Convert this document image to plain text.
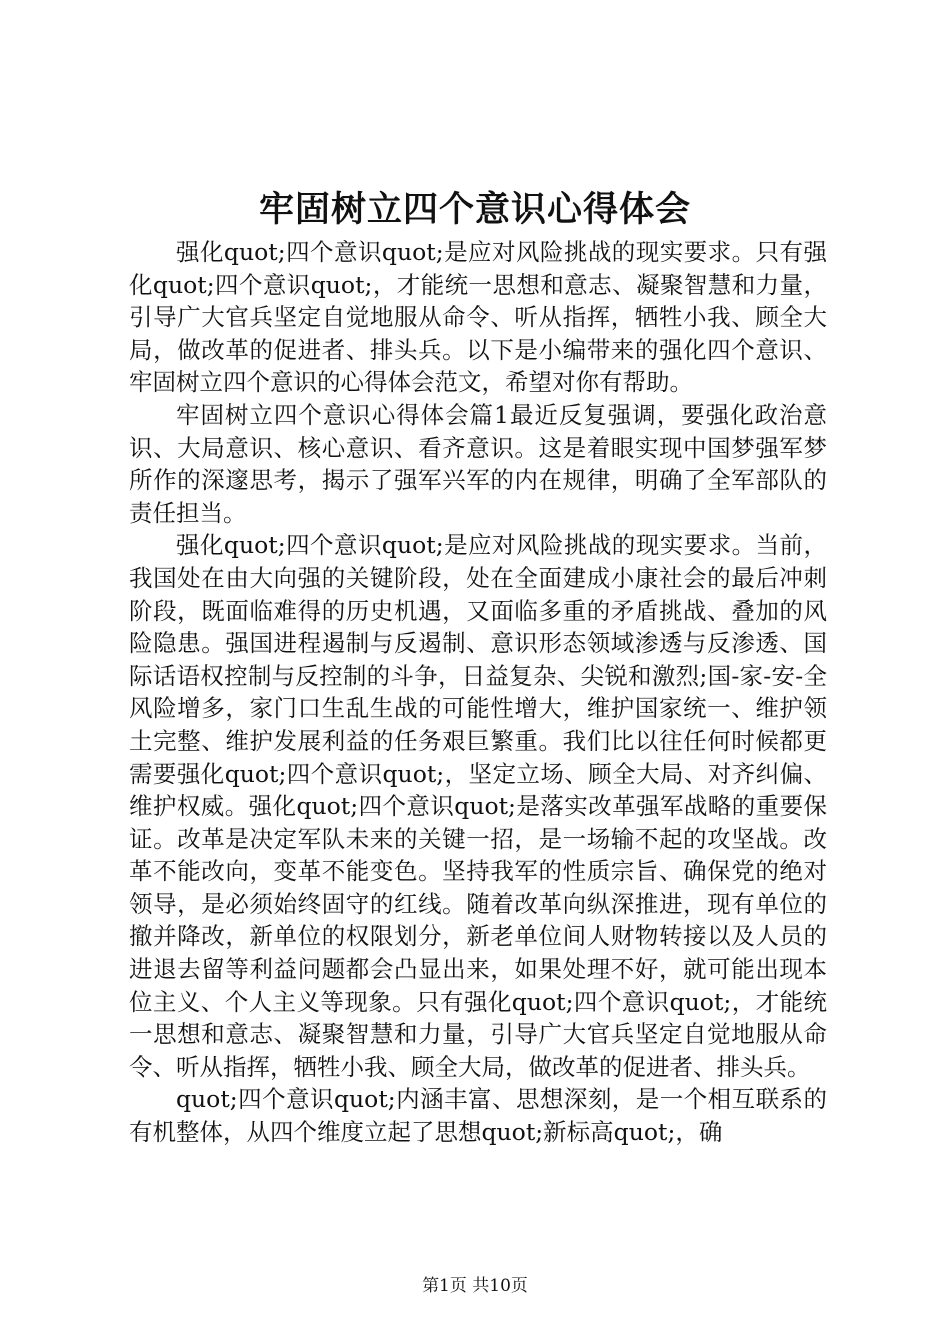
牢固树立四个意识心得体会

强化quot;四个意识quot;是应对风险挑战的现实要求。只有强化quot;四个意识quot;，才能统一思想和意志、凝聚智慧和力量，引导广大官兵坚定自觉地服从命令、听从指挥，牺牲小我、顾全大局，做改革的促进者、排头兵。以下是小编带来的强化四个意识、牢固树立四个意识的心得体会范文，希望对你有帮助。

牢固树立四个意识心得体会篇1最近反复强调，要强化政治意识、大局意识、核心意识、看齐意识。这是着眼实现中国梦强军梦所作的深邃思考，揭示了强军兴军的内在规律，明确了全军部队的责任担当。

强化quot;四个意识quot;是应对风险挑战的现实要求。当前，我国处在由大向强的关键阶段，处在全面建成小康社会的最后冲刺阶段，既面临难得的历史机遇，又面临多重的矛盾挑战、叠加的风险隐患。强国进程遏制与反遏制、意识形态领域渗透与反渗透、国际话语权控制与反控制的斗争，日益复杂、尖锐和激烈;国-家-安-全风险增多，家门口生乱生战的可能性增大，维护国家统一、维护领土完整、维护发展利益的任务艰巨繁重。我们比以往任何时候都更需要强化quot;四个意识quot;，坚定立场、顾全大局、对齐纠偏、维护权威。强化quot;四个意识quot;是落实改革强军战略的重要保证。改革是决定军队未来的关键一招，是一场输不起的攻坚战。改革不能改向，变革不能变色。坚持我军的性质宗旨、确保党的绝对领导，是必须始终固守的红线。随着改革向纵深推进，现有单位的撤并降改，新单位的权限划分，新老单位间人财物转接以及人员的进退去留等利益问题都会凸显出来，如果处理不好，就可能出现本位主义、个人主义等现象。只有强化quot;四个意识quot;，才能统一思想和意志、凝聚智慧和力量，引导广大官兵坚定自觉地服从命令、听从指挥，牺牲小我、顾全大局，做改革的促进者、排头兵。

quot;四个意识quot;内涵丰富、思想深刻，是一个相互联系的有机整体，从四个维度立起了思想quot;新标高quot;，确

第1页 共10页
